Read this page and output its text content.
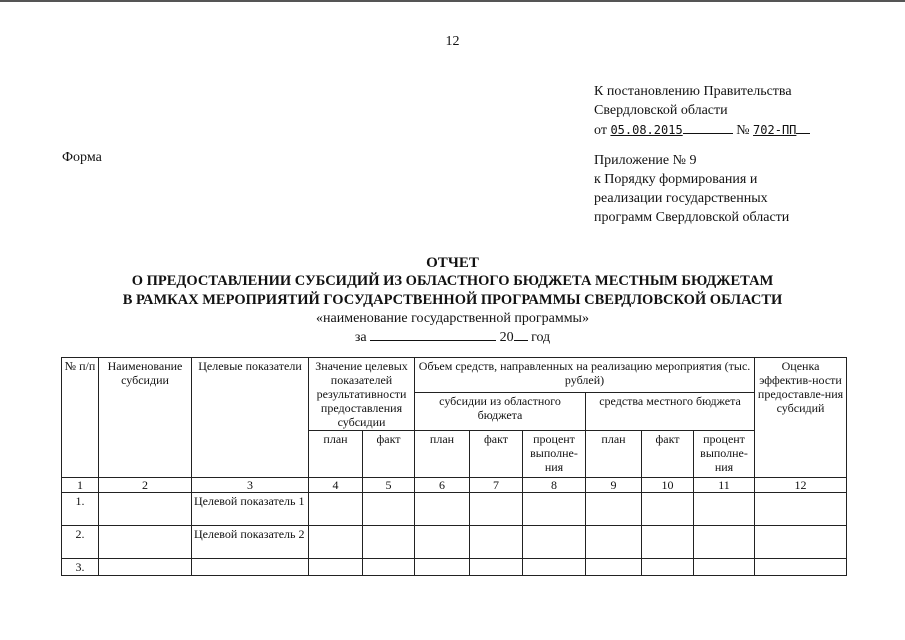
12
К постановлению Правительства
Свердловской области
от 05.08.2015	№ 702-ПП
Форма	Приложение № 9
к Порядку формирования и
реализации государственных
программ Свердловской области
ОТЧЕТ
О ПРЕДОСТАВЛЕНИИ СУБСИДИЙ ИЗ ОБЛАСТНОГО БЮДЖЕТА МЕСТНЫМ БЮДЖЕТАМ
В РАМКАХ МЕРОПРИЯТИЙ ГОСУДАРСТВЕННОЙ ПРОГРАММЫ СВЕРДЛОВСКОЙ ОБЛАСТИ
«наименование государственной программы»
за	20 год
№ п/п	Наименование субсидии	Целевые показатели	Значение целевых показателей результативности предоставления субсидии		Объем средств, направленных на реализацию мероприятия (тыс. рублей)						Оценка эффектив-ности предоставле-ния субсидий
					субсидии из областного бюджета			средства местного бюджета			
			план	факт	план	факт	процент выполне-ния	план	факт	процент выполне-ния	
1	2	3	4	5	6	7	8	9	10	11	12
1.		Целевой показатель 1									
2.		Целевой показатель 2									
3.											
